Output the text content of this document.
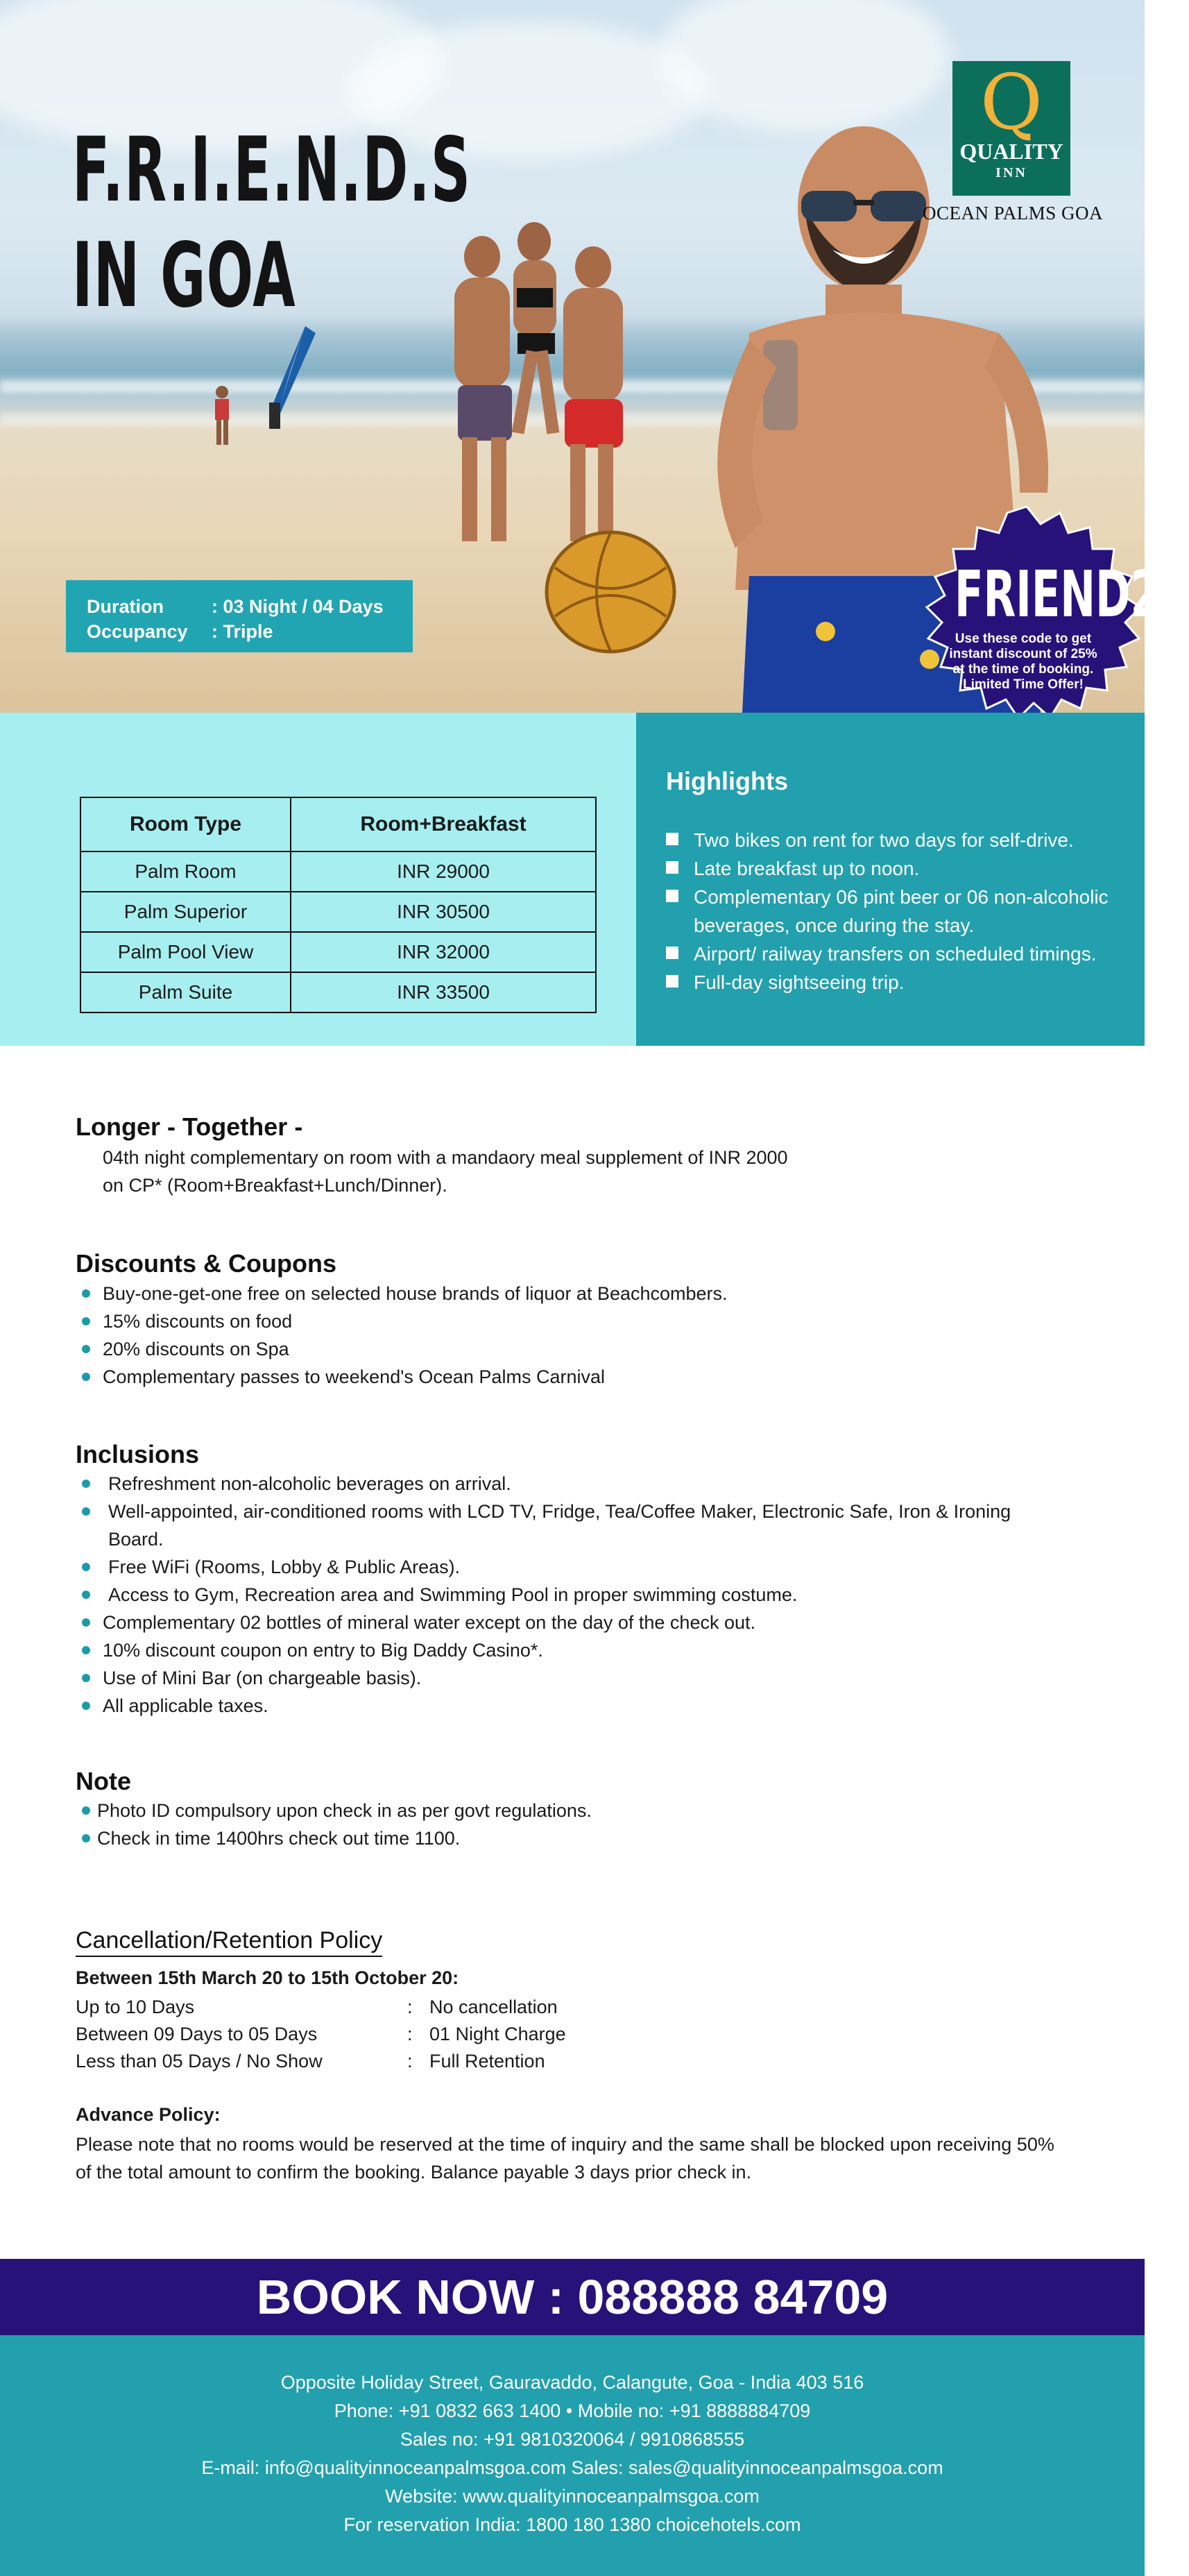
F.R.I.E.N.D.S
IN GOA
Duration	: 03 Night / 04 Days
Occupancy	: Triple
Q
QUALITY
INN
OCEAN PALMS GOA
FRIEND25
Use these code to get instant discount of 25% at the time of booking. Limited Time Offer!
Room Type	Room+Breakfast
Palm Room	INR 29000
Palm Superior	INR 30500
Palm Pool View	INR 32000
Palm Suite	INR 33500
Highlights
Two bikes on rent for two days for self-drive.
Late breakfast up to noon.
Complementary 06 pint beer or 06 non-alcoholic beverages, once during the stay.
Airport/ railway transfers on scheduled timings.
Full-day sightseeing trip.
Longer - Together -
04th night complementary on room with a mandaory meal supplement of INR 2000
on CP* (Room+Breakfast+Lunch/Dinner).
Discounts & Coupons
Buy-one-get-one free on selected house brands of liquor at Beachcombers.
15% discounts on food
20% discounts on Spa
Complementary passes to weekend's Ocean Palms Carnival
Inclusions
Refreshment non-alcoholic beverages on arrival.
Well-appointed, air-conditioned rooms with LCD TV, Fridge, Tea/Coffee Maker, Electronic Safe, Iron & Ironing Board.
Free WiFi (Rooms, Lobby & Public Areas).
Access to Gym, Recreation area and Swimming Pool in proper swimming costume.
Complementary 02 bottles of mineral water except on the day of the check out.
10% discount coupon on entry to Big Daddy Casino*.
Use of Mini Bar (on chargeable basis).
All applicable taxes.
Note
Photo ID compulsory upon check in as per govt regulations.
Check in time 1400hrs check out time 1100.
Cancellation/Retention Policy
Between 15th March 20 to 15th October 20:
Up to 10 Days	: No cancellation
Between 09 Days to 05 Days	: 01 Night Charge
Less than 05 Days / No Show	: Full Retention
Advance Policy:
Please note that no rooms would be reserved at the time of inquiry and the same shall be blocked upon receiving 50% of the total amount to confirm the booking. Balance payable 3 days prior check in.
BOOK NOW : 088888 84709
Opposite Holiday Street, Gauravaddo, Calangute, Goa - India 403 516
Phone: +91 0832 663 1400 • Mobile no: +91 8888884709
Sales no: +91 9810320064 / 9910868555
E-mail: info@qualityinnoceanpalmsgoa.com Sales: sales@qualityinnoceanpalmsgoa.com
Website: www.qualityinnoceanpalmsgoa.com
For reservation India: 1800 180 1380 choicehotels.com
